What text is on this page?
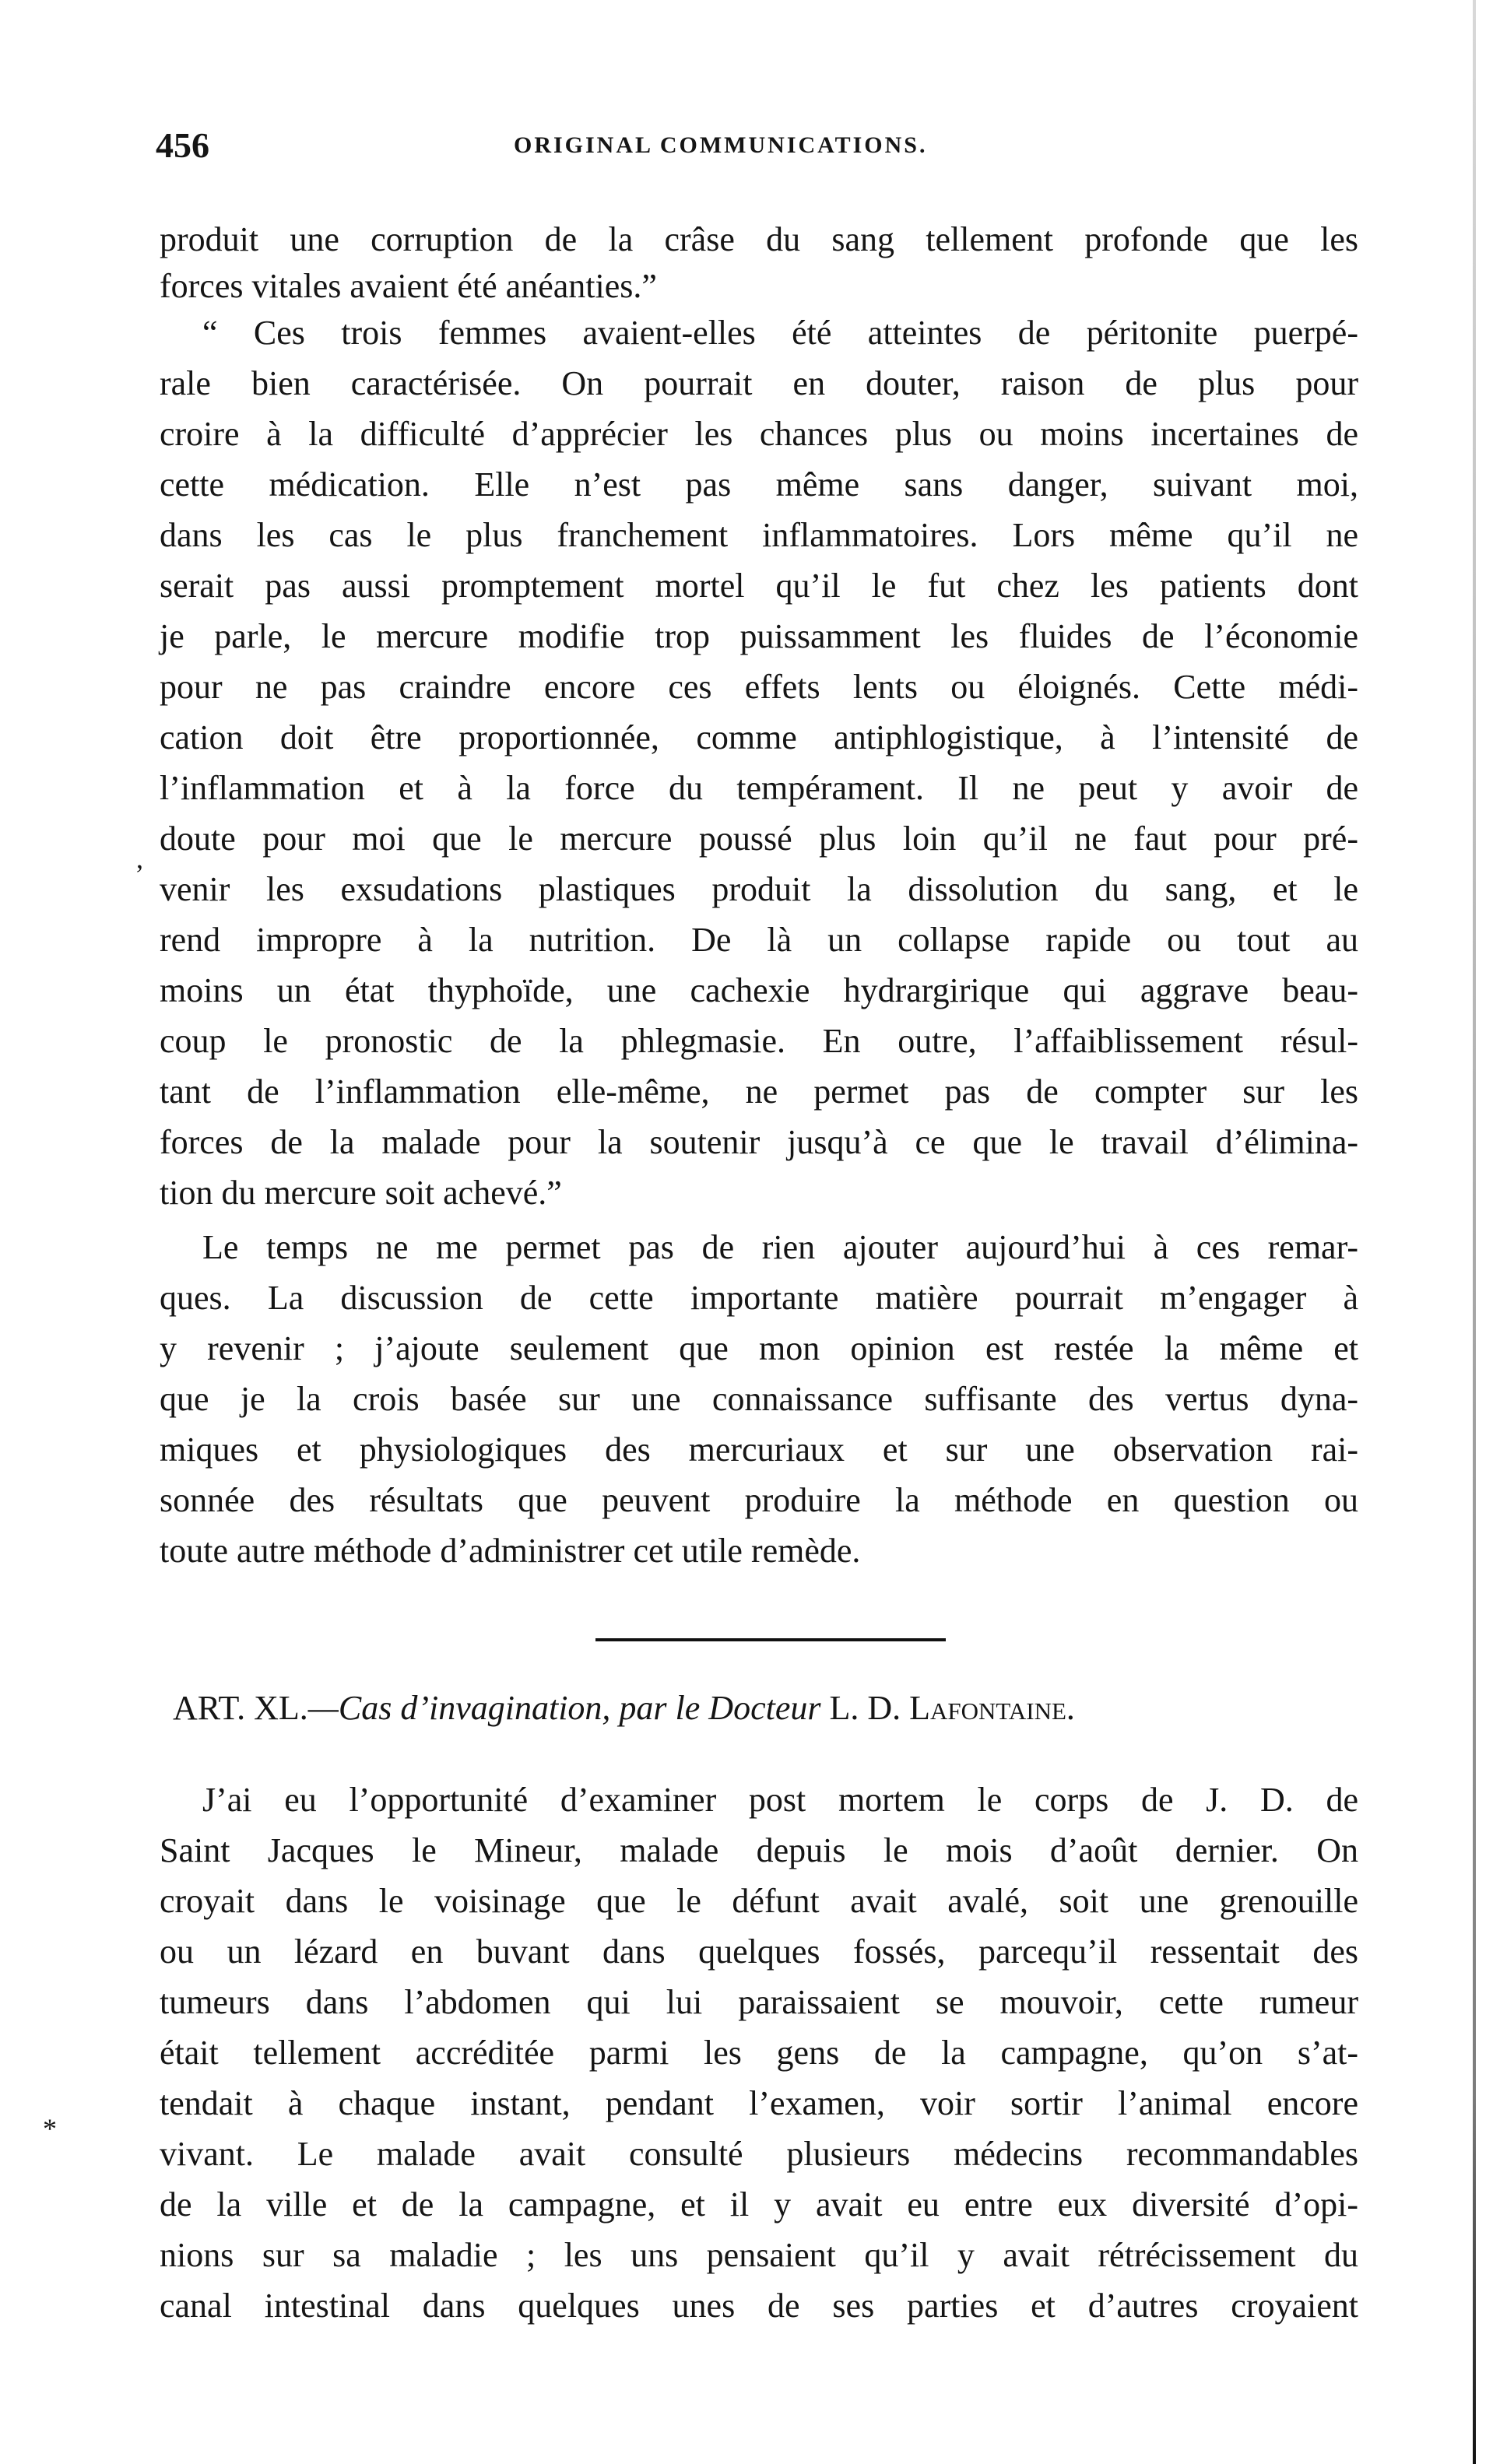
456	ORIGINAL COMMUNICATIONS.
produit une corruption de la crâse du sang tellement profonde que les
forces vitales avaient été anéanties.”
“ Ces trois femmes avaient-elles été atteintes de péritonite puerpé-
rale bien caractérisée. On pourrait en douter, raison de plus pour
croire à la difficulté d’apprécier les chances plus ou moins incertaines de
cette médication. Elle n’est pas même sans danger, suivant moi,
dans les cas le plus franchement inflammatoires. Lors même qu’il ne
serait pas aussi promptement mortel qu’il le fut chez les patients dont
je parle, le mercure modifie trop puissamment les fluides de l’économie
pour ne pas craindre encore ces effets lents ou éloignés. Cette médi-
cation doit être proportionnée, comme antiphlogistique, à l’intensité de
l’inflammation et à la force du tempérament. Il ne peut y avoir de
doute pour moi que le mercure poussé plus loin qu’il ne faut pour pré-
venir les exsudations plastiques produit la dissolution du sang, et le
rend impropre à la nutrition. De là un collapse rapide ou tout au
moins un état thyphoïde, une cachexie hydrargirique qui aggrave beau-
coup le pronostic de la phlegmasie. En outre, l’affaiblissement résul-
tant de l’inflammation elle-même, ne permet pas de compter sur les
forces de la malade pour la soutenir jusqu’à ce que le travail d’élimina-
tion du mercure soit achevé.”
Le temps ne me permet pas de rien ajouter aujourd’hui à ces remar-
ques. La discussion de cette importante matière pourrait m’engager à
y revenir ; j’ajoute seulement que mon opinion est restée la même et
que je la crois basée sur une connaissance suffisante des vertus dyna-
miques et physiologiques des mercuriaux et sur une observation rai-
sonnée des résultats que peuvent produire la méthode en question ou
toute autre méthode d’administrer cet utile remède.
ART. XL.—Cas d’invagination, par le Docteur L. D. Lafontaine.
J’ai eu l’opportunité d’examiner post mortem le corps de J. D. de
Saint Jacques le Mineur, malade depuis le mois d’août dernier. On
croyait dans le voisinage que le défunt avait avalé, soit une grenouille
ou un lézard en buvant dans quelques fossés, parcequ’il ressentait des
tumeurs dans l’abdomen qui lui paraissaient se mouvoir, cette rumeur
était tellement accréditée parmi les gens de la campagne, qu’on s’at-
tendait à chaque instant, pendant l’examen, voir sortir l’animal encore
vivant. Le malade avait consulté plusieurs médecins recommandables
de la ville et de la campagne, et il y avait eu entre eux diversité d’opi-
nions sur sa maladie ; les uns pensaient qu’il y avait rétrécissement du
canal intestinal dans quelques unes de ses parties et d’autres croyaient
,
*
